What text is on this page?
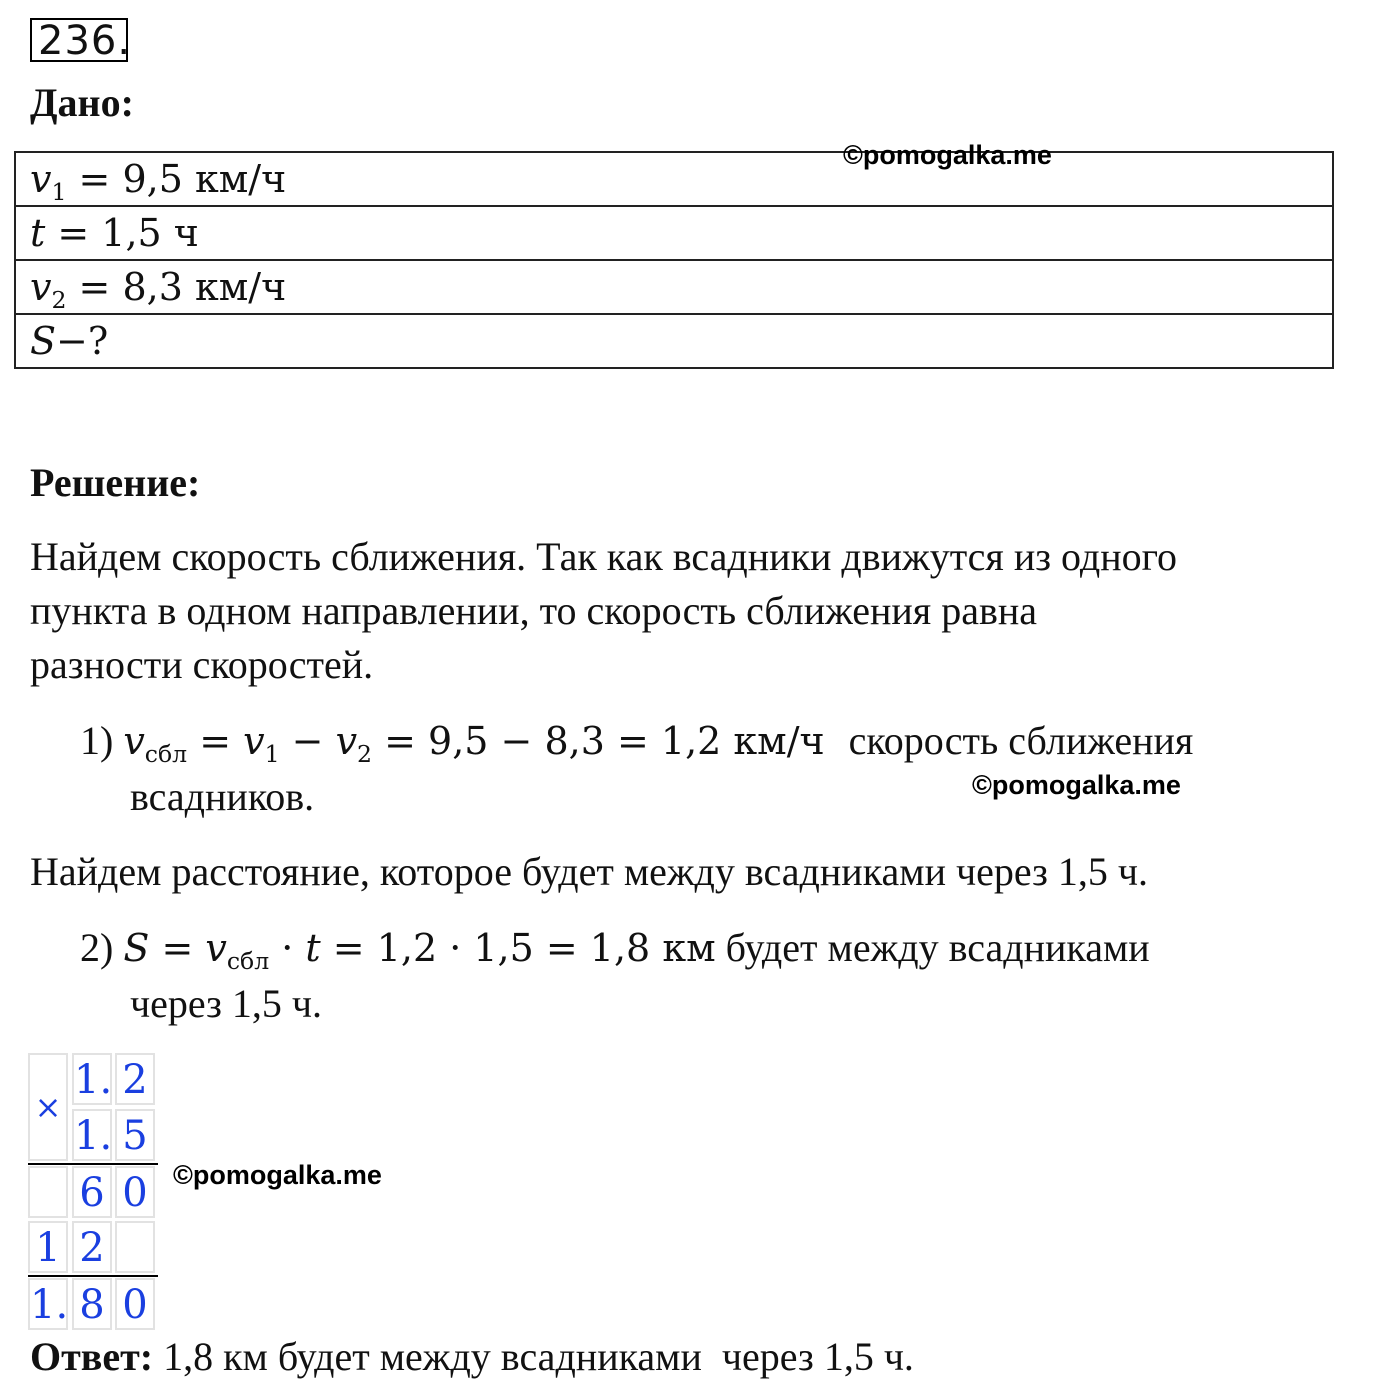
236.
Дано:
$v_1 = 9,5$ км/ч
t = 1,5 ч
$v_2 = 8,3$ км/ч
S−?
©pomogalka.me
Решение:
Найдем скорость сближения. Так как всадники движутся из одного
пункта в одном направлении, то скорость сближения равна
разности скоростей.
1) $v_{сбл} = v_1 - v_2 = 9,5 - 8,3 = 1,2$ км/ч скорость сближения
всадников.	©pomogalka.me
Найдем расстояние, которое будет между всадниками через 1,5 ч.
2) $S = v_{сбл} \cdot t = 1,2 \cdot 1,5 = 1,8$ км будет между всадниками
через 1,5 ч.
×
1. 2
1. 5
6 0
1 2
1. 8 0
©pomogalka.me
Ответ: 1,8 км будет между всадниками  через 1,5 ч.
